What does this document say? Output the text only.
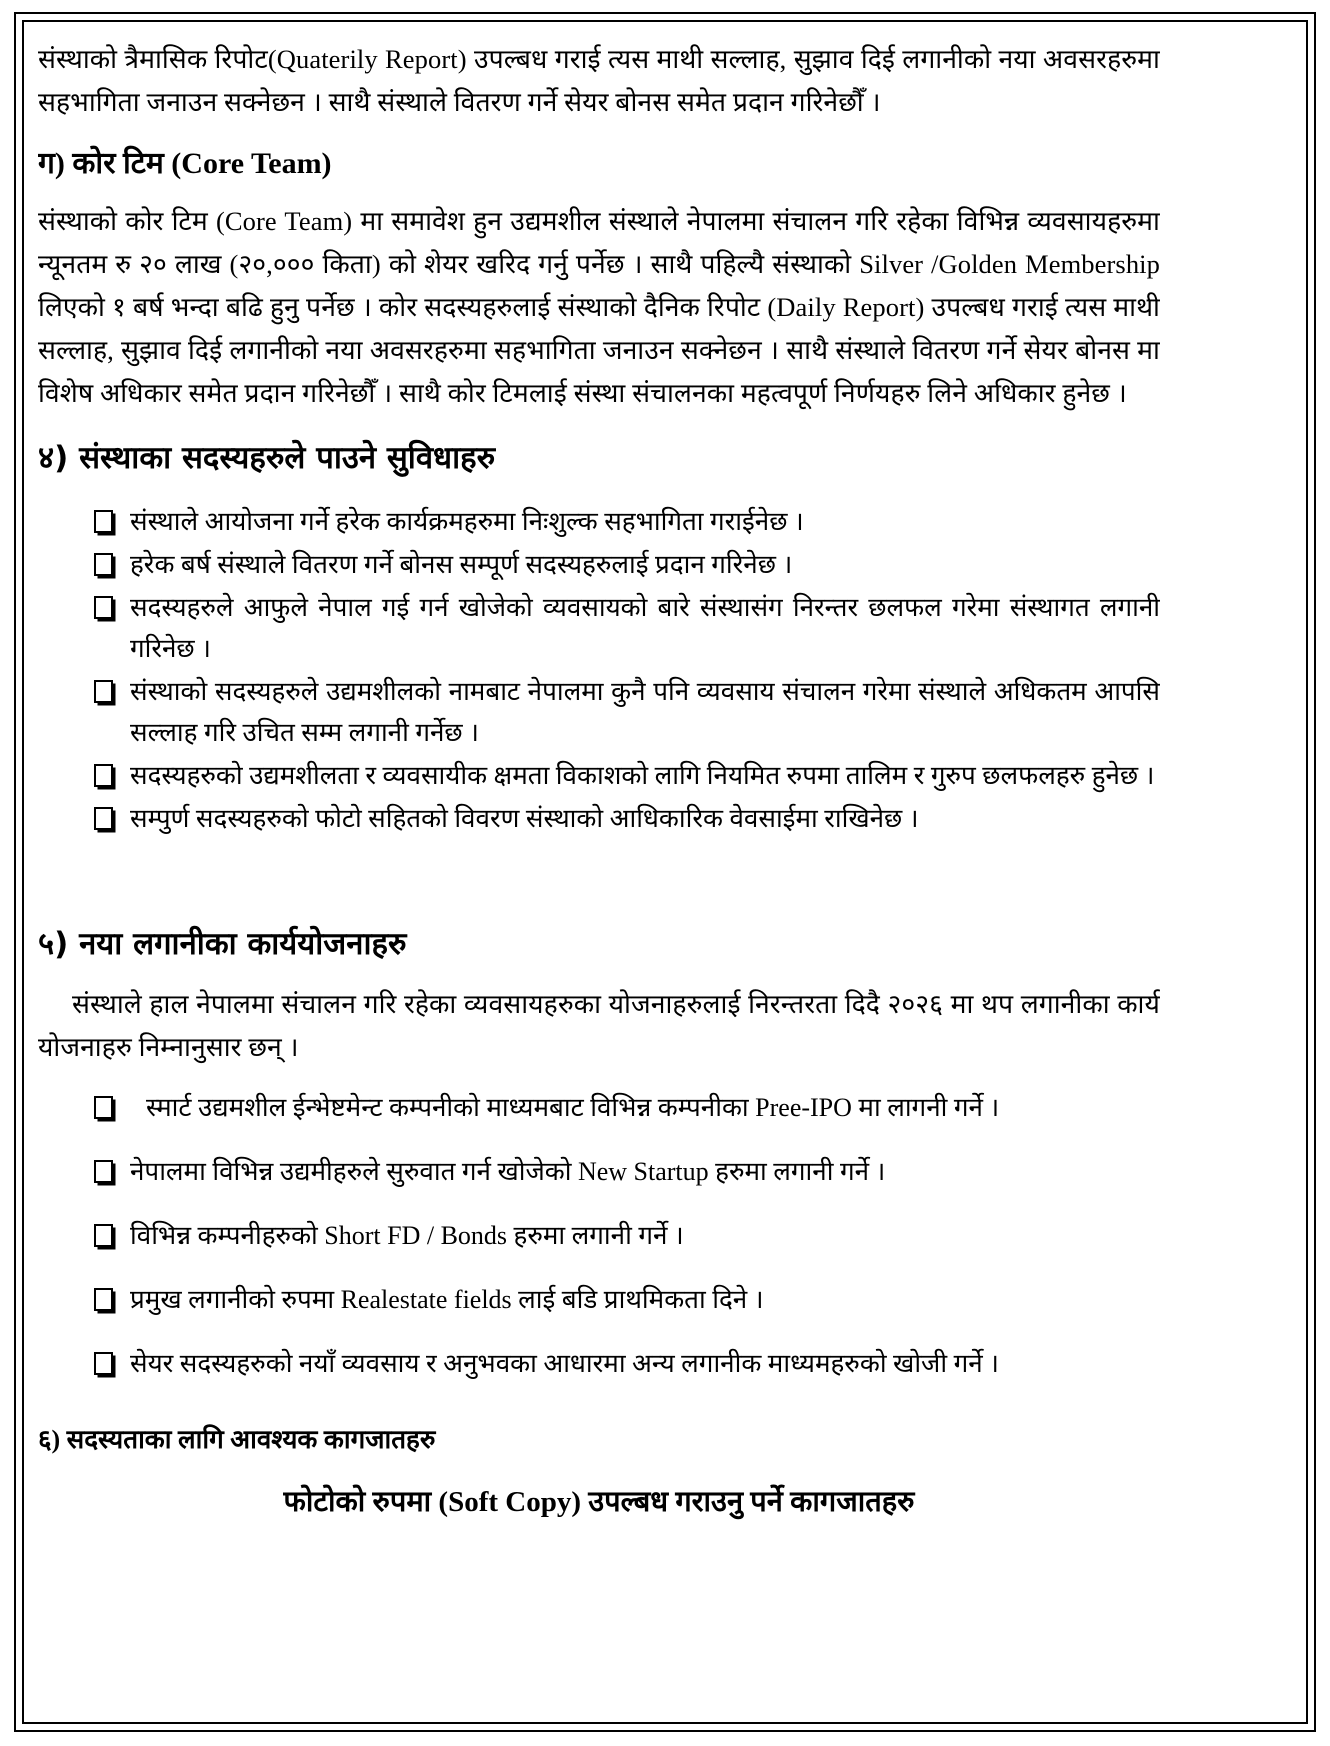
संस्थाको त्रैमासिक रिपोट(Quaterily Report) उपल्बध गराई त्यस माथी सल्लाह, सुझाव दिई लगानीको नया अवसरहरुमा सहभागिता जनाउन सक्नेछन । साथै संस्थाले वितरण गर्ने सेयर बोनस समेत प्रदान गरिनेछौँ ।

ग) कोर टिम (Core Team)

संस्थाको कोर टिम (Core Team) मा समावेश हुन उद्यमशील संस्थाले नेपालमा संचालन गरि रहेका विभिन्न व्यवसायहरुमा न्यूनतम रु २० लाख (२०,००० किता) को शेयर खरिद गर्नु पर्नेछ । साथै पहिल्यै संस्थाको Silver /Golden Membership लिएको १ बर्ष भन्दा बढि हुनु पर्नेछ । कोर सदस्यहरुलाई संस्थाको दैनिक रिपोट (Daily Report) उपल्बध गराई त्यस माथी सल्लाह, सुझाव दिई लगानीको नया अवसरहरुमा सहभागिता जनाउन सक्नेछन । साथै संस्थाले वितरण गर्ने सेयर बोनस मा विशेष अधिकार समेत प्रदान गरिनेछौँ । साथै कोर टिमलाई संस्था संचालनका महत्वपूर्ण निर्णयहरु लिने अधिकार हुनेछ ।

४) संस्थाका सदस्यहरुले पाउने सुविधाहरु
संस्थाले आयोजना गर्ने हरेक कार्यक्रमहरुमा निःशुल्क सहभागिता गराईनेछ ।
हरेक बर्ष संस्थाले वितरण गर्ने बोनस सम्पूर्ण सदस्यहरुलाई प्रदान गरिनेछ ।
सदस्यहरुले आफुले नेपाल गई गर्न खोजेको व्यवसायको बारे संस्थासंग निरन्तर छलफल गरेमा संस्थागत लगानी गरिनेछ ।
संस्थाको सदस्यहरुले उद्यमशीलको नामबाट नेपालमा कुनै पनि व्यवसाय संचालन गरेमा संस्थाले अधिकतम आपसि सल्लाह गरि उचित सम्म लगानी गर्नेछ ।
सदस्यहरुको उद्यमशीलता र व्यवसायीक क्षमता विकाशको लागि नियमित रुपमा तालिम र गुरुप छलफलहरु हुनेछ ।
सम्पुर्ण सदस्यहरुको फोटो सहितको विवरण संस्थाको आधिकारिक वेवसाईमा राखिनेछ ।
५) नया लगानीका कार्ययोजनाहरु

संस्थाले हाल नेपालमा संचालन गरि रहेका व्यवसायहरुका योजनाहरुलाई निरन्तरता दिदै २०२६ मा थप लगानीका कार्य योजनाहरु निम्नानुसार छन् ।

स्मार्ट उद्यमशील ईन्भेष्टमेन्ट कम्पनीको माध्यमबाट विभिन्न कम्पनीका Pree-IPO मा लागनी गर्ने ।
नेपालमा विभिन्न उद्यमीहरुले सुरुवात गर्न खोजेको New Startup हरुमा लगानी गर्ने ।
विभिन्न कम्पनीहरुको Short FD / Bonds हरुमा लगानी गर्ने ।
प्रमुख लगानीको रुपमा Realestate fields लाई बडि प्राथमिकता दिने ।
सेयर सदस्यहरुको नयाँ व्यवसाय र अनुभवका आधारमा अन्य लगानीक माध्यमहरुको खोजी गर्ने ।
६) सदस्यताका लागि आवश्यक कागजातहरु

फोटोको रुपमा (Soft Copy) उपल्बध गराउनु पर्ने कागजातहरु
